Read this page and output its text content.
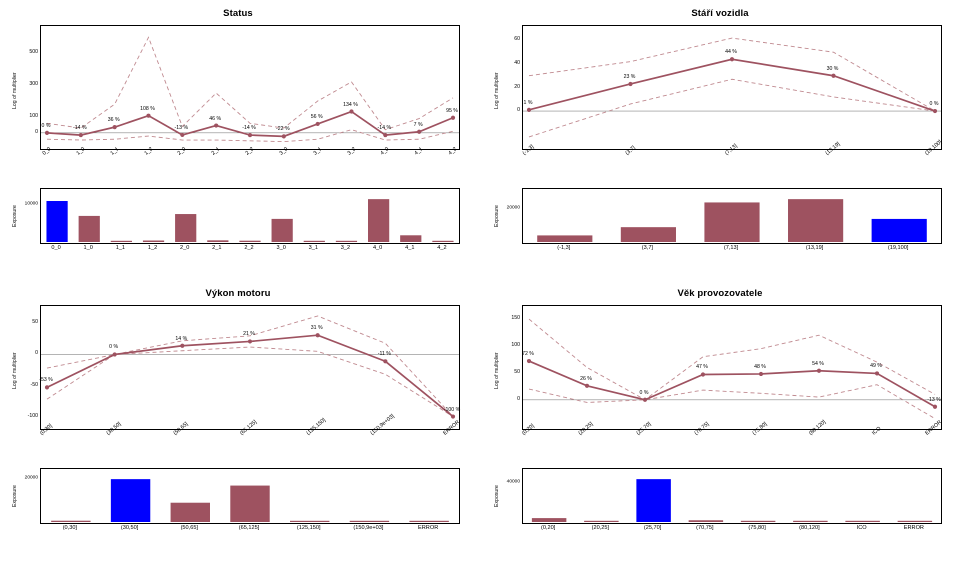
Status
Log of multiplier
0
100
300
500
0_0	1_0	1_1	1_2	2_0	2_1	2_2	3_0	3_1	3_2	4_0	4_1	4_2
0 %	-14 %
36 %
108 %
-13 %
46 %
-14 %	-22 %
56 %
134 %
-14 %
7 %
95 %
Exposure
10000
0_0	1_0	1_1	1_2	2_0	2_1	2_2	3_0	3_1	3_2	4_0	4_1	4_2
Stáří vozidla
Log of multiplier
0
20
40
60
(-1,3]	(3,7]	(7,13]	(13,19]	(19,100]
1 %
23 %
44 %
30 %
0 %
Exposure	20000
(-1,3]	(3,7]	(7,13]	(13,19]	(19,100]
Výkon motoru
Log of multiplier
-100
-50
0
50
(0,30]	(30,50]	(50,65]	(65,125]	(125,150]	(150,9e+03]	ERROR
-53 %
0 %
14 %
21 %
31 %
-11 %
-100 %
Exposure
20000
(0,30]	(30,50]	(50,65]	(65,125]	(125,150]	(150,9e+03]	ERROR
Věk provozovatele
Log of multiplier
0
50
100
150
(0,20]	(20,25]	(25,70]	(70,75]	(75,80]	(80,120]	ICO	ERROR
72 %
26 %
0 %
47 %	48 %
54 %	49 %
-13 %
Exposure
40000
(0,20]	(20,25]	(25,70]	(70,75]	(75,80]	(80,120]	ICO	ERROR
